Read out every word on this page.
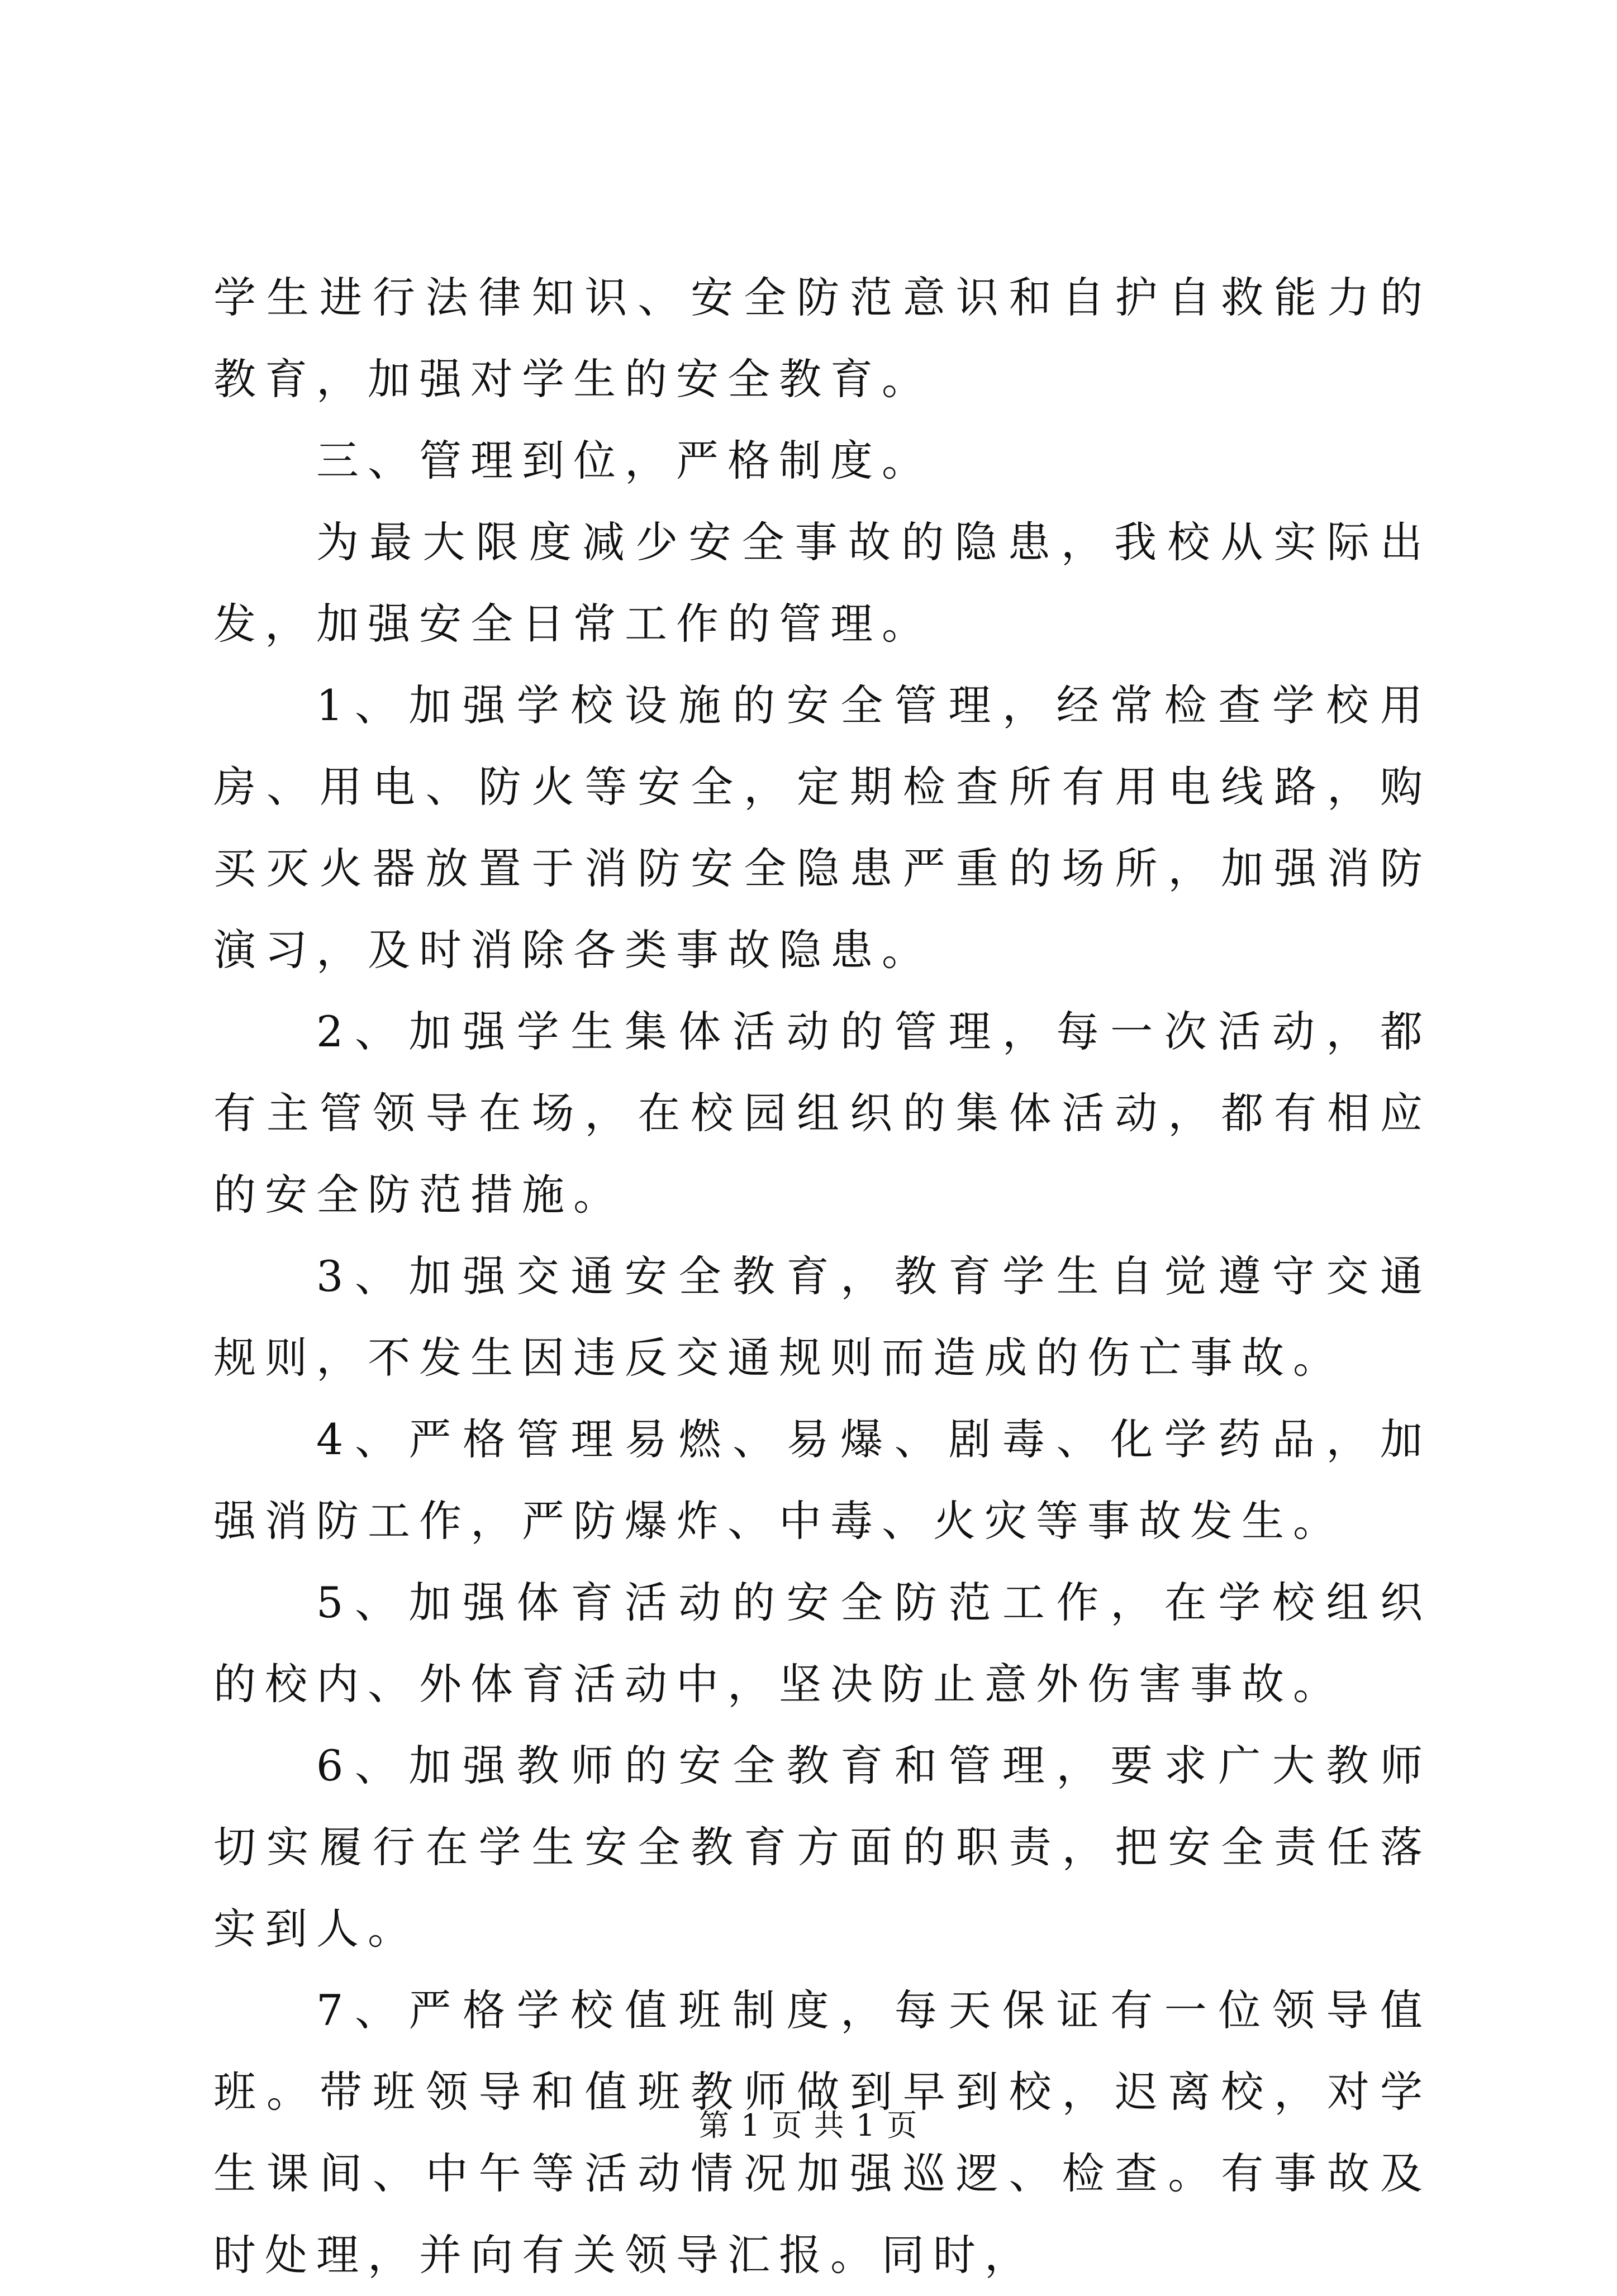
学生进行法律知识、安全防范意识和自护自救能力的教育，加强对学生的安全教育。

三、管理到位，严格制度。

为最大限度减少安全事故的隐患，我校从实际出发，加强安全日常工作的管理。

1、加强学校设施的安全管理，经常检查学校用房、用电、防火等安全，定期检查所有用电线路，购买灭火器放置于消防安全隐患严重的场所，加强消防演习，及时消除各类事故隐患。

2、加强学生集体活动的管理，每一次活动，都有主管领导在场，在校园组织的集体活动，都有相应的安全防范措施。

3、加强交通安全教育，教育学生自觉遵守交通规则，不发生因违反交通规则而造成的伤亡事故。

4、严格管理易燃、易爆、剧毒、化学药品，加强消防工作，严防爆炸、中毒、火灾等事故发生。

5、加强体育活动的安全防范工作，在学校组织的校内、外体育活动中，坚决防止意外伤害事故。

6、加强教师的安全教育和管理，要求广大教师切实履行在学生安全教育方面的职责，把安全责任落实到人。

7、严格学校值班制度，每天保证有一位领导值班。带班领导和值班教师做到早到校，迟离校，对学生课间、中午等活动情况加强巡逻、检查。有事故及时处理，并向有关领导汇报。同时，

第 1 页 共 1 页
